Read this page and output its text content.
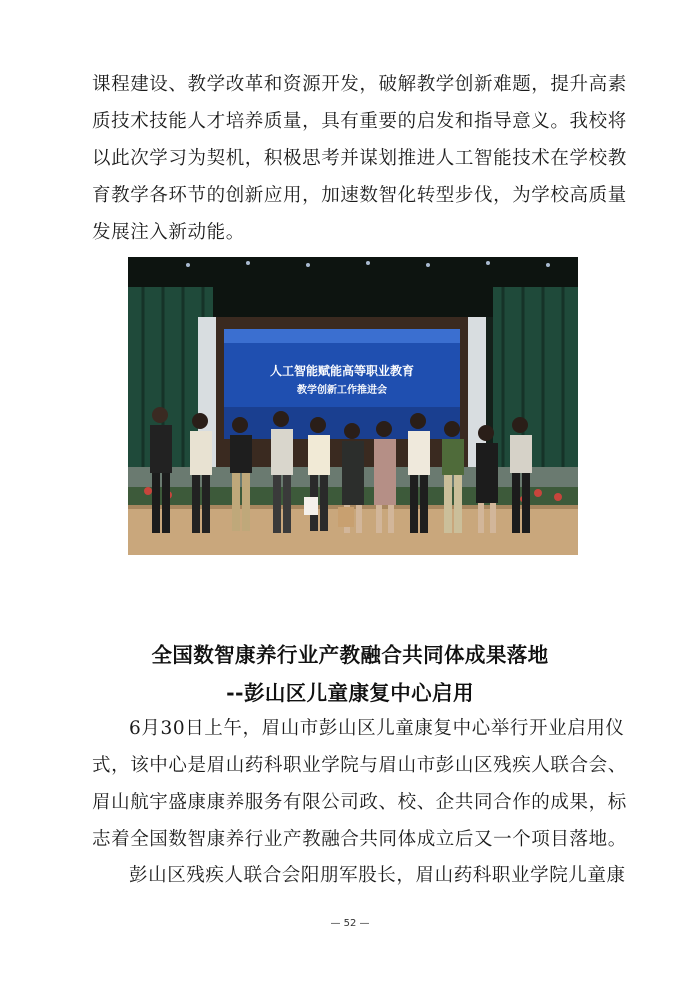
课程建设、教学改革和资源开发，破解教学创新难题，提升高素质技术技能人才培养质量，具有重要的启发和指导意义。我校将以此次学习为契机，积极思考并谋划推进人工智能技术在学校教育教学各环节的创新应用，加速数智化转型步伐，为学校高质量发展注入新动能。

人工智能赋能高等职业教育
教学创新工作推进会
全国数智康养行业产教融合共同体成果落地
--彭山区儿童康复中心启用

6月30日上午，眉山市彭山区儿童康复中心举行开业启用仪式，该中心是眉山药科职业学院与眉山市彭山区残疾人联合会、眉山航宇盛康康养服务有限公司政、校、企共同合作的成果，标志着全国数智康养行业产教融合共同体成立后又一个项目落地。

彭山区残疾人联合会阳朋军股长，眉山药科职业学院儿童康

— 52 —
